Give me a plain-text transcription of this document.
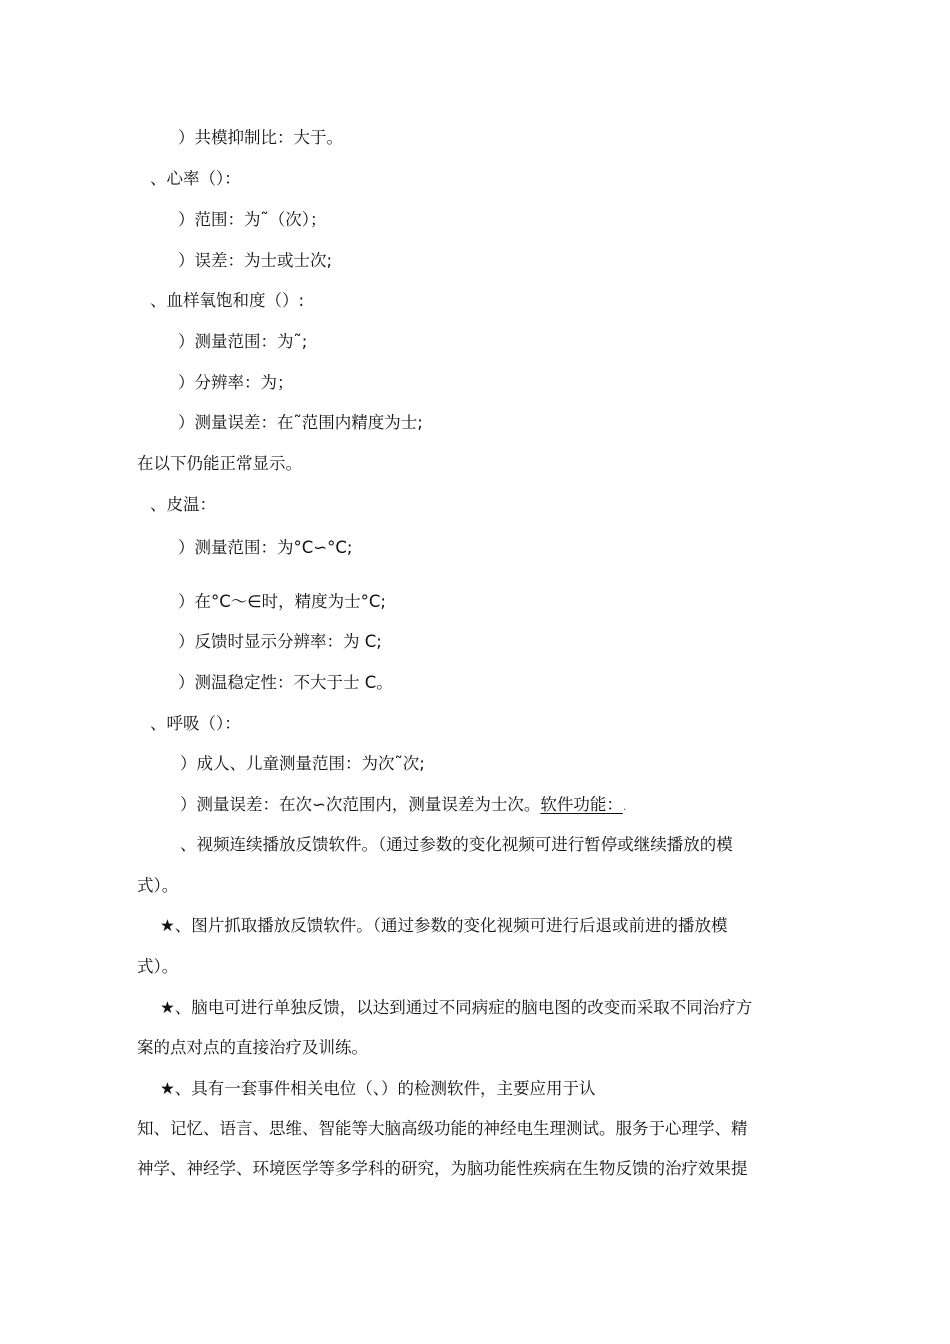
）共模抑制比：大于。
、心率（）：
）范围：为˜（次）；
）误差：为士或士次;
、血样氧饱和度（）:
）测量范围：为˜;
）分辨率：为；
）测量误差：在˜范围内精度为士;
在以下仍能正常显示。
、皮温：
）测量范围：为°C∽°C;
）在°C～∈时，精度为士°C;
）反馈时显示分辨率：为 C;
）测温稳定性：不大于士 C。
、呼吸（）：
）成人、儿童测量范围：为次˜次;
）测量误差：在次∽次范围内，测量误差为士次。软件功能：.
、视频连续播放反馈软件。（通过参数的变化视频可进行暂停或继续播放的模
式）。
★、图片抓取播放反馈软件。（通过参数的变化视频可进行后退或前进的播放模
式）。
★、脑电可进行单独反馈，以达到通过不同病症的脑电图的改变而采取不同治疗方
案的点对点的直接治疗及训练。
★、具有一套事件相关电位（、）的检测软件，主要应用于认
知、记忆、语言、思维、智能等大脑高级功能的神经电生理测试。服务于心理学、精
神学、神经学、环境医学等多学科的研究，为脑功能性疾病在生物反馈的治疗效果提
